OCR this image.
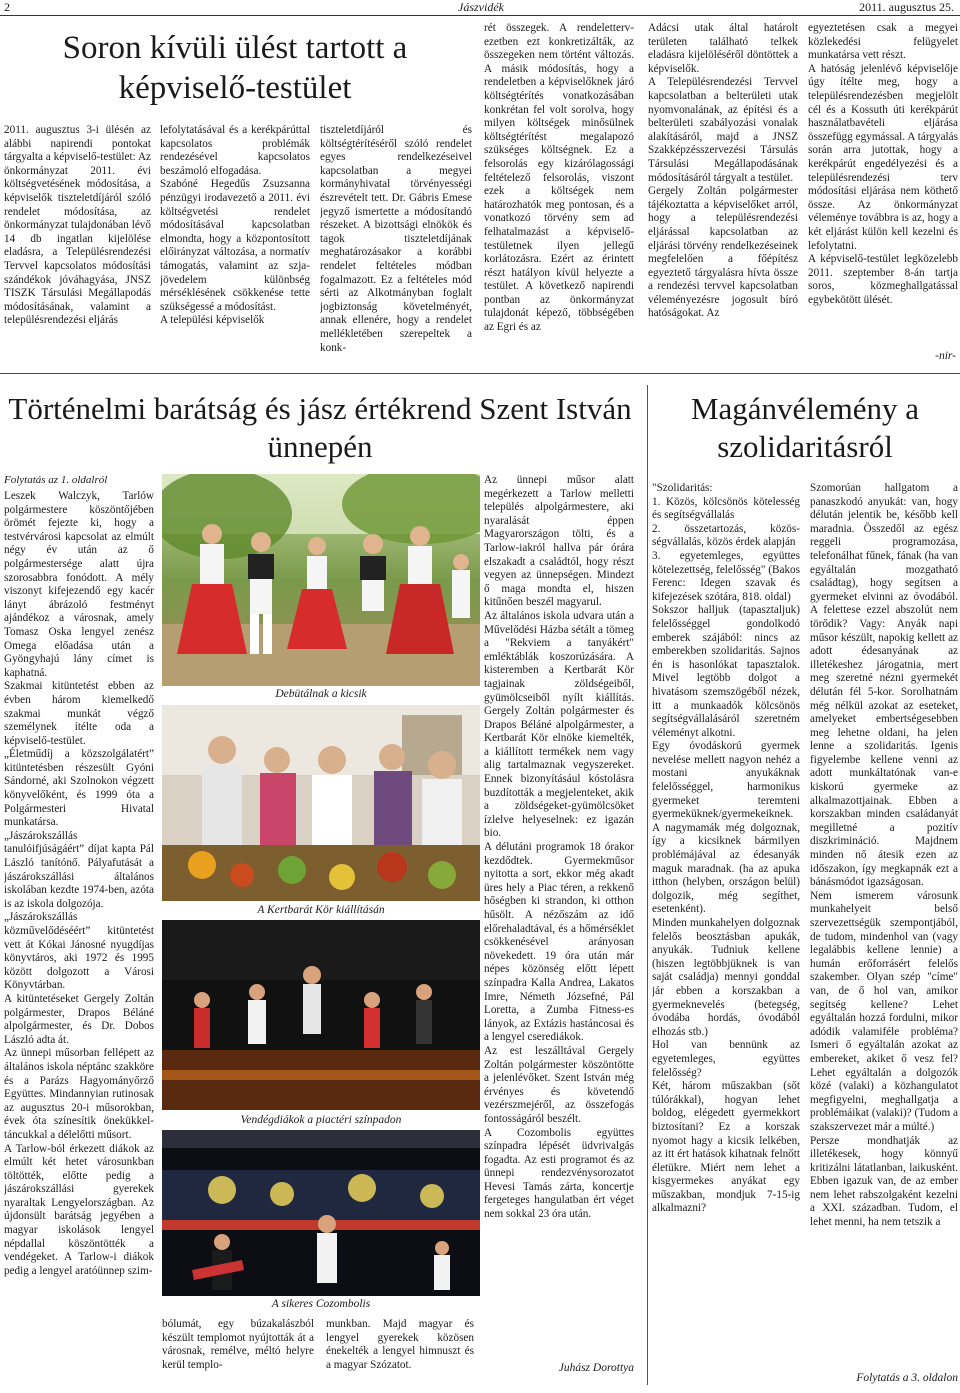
2	Jászvidék	2011. augusztus 25.
Soron kívüli ülést tartott a képviselő-testület
2011. augusztus 3-i ülésén az alábbi napirendi pontokat tárgyalta a képviselő-testület: Az önkormányzat 2011. évi költségvetésének módosítása, a képviselők tiszteletdíjáról szóló rendelet módosítása, az önkormányzat tulajdonában lévő 14 db ingatlan kijelölése eladásra, a Településrendezési Tervvel kapcsolatos módosítási szándékok jóváhagyása, JNSZ TISZK Társulási Megállapodás módosításának, valamint a településrendezési eljárás
lefolytatásával és a kerékpárúttal kapcsolatos problémák rendezésével kapcsolatos beszámoló elfogadása.
Szabóné Hegedűs Zsuzsanna pénzügyi irodavezető a 2011. évi költségvetési rendelet módosításával kapcsolatban elmondta, hogy a központosított előirányzat változása, a normatív támogatás, valamint az szja-jövedelem különbség mérséklésének csökkenése tette szükségessé a módosítást.
A települési képviselők
tiszteletdíjáról és költségtérítéséről szóló rendelet egyes rendelkezéseivel kapcsolatban a megyei kormányhivatal törvényességi észrevételt tett. Dr. Gábris Emese jegyző ismertette a módosítandó részeket. A bizottsági elnökök és tagok tiszteletdíjának meghatározásakor a korábbi rendelet feltételes módban fogalmazott. Ez a feltételes mód sérti az Alkotmányban foglalt jogbiztonság követelményét, annak ellenére, hogy a rendelet mellékletében szerepeltek a konk-
rét összegek. A rendelettervezetben ezt konkretizálták, az összegeken nem történt változás. A másik módosítás, hogy a rendeletben a képviselőknek járó költségtérítés vonatkozásában konkrétan fel volt sorolva, hogy milyen költségek minősülnek költségtérítést megalapozó szükséges költségnek. Ez a felsorolás egy kizárólagossági feltételező felsorolás, viszont ezek a költségek nem határozhatók meg pontosan, és a vonatkozó törvény sem ad felhatalmazást a képviselő-testületnek ilyen jellegű korlátozásra. Ezért az érintett részt hatályon kívül helyezte a testület. A következő napirendi pontban az önkormányzat tulajdonát képező, többségében az Egri és az
Adácsi utak által határolt területen található telkek eladásra kijelöléséről döntöttek a képviselők.
A Településrendezési Tervvel kapcsolatban a belterületi utak nyomvonalának, az építési és a belterületi szabályozási vonalak alakításáról, majd a JNSZ Szakképzésszervezési Társulás Társulási Megállapodásának módosításáról tárgyalt a testület.
Gergely Zoltán polgármester tájékoztatta a képviselőket arról, hogy a településrendezési eljárással kapcsolatban az eljárási törvény rendelkezéseinek megfelelően a főépítész egyeztető tárgyalásra hívta össze a rendezési tervvel kapcsolatban véleményezésre jogosult bíró hatóságokat. Az
egyeztetésen csak a megyei közlekedési felügyelet munkatársa vett részt.
A hatóság jelenlévő képviselője úgy ítélte meg, hogy a településrendezésben megjelölt cél és a Kossuth úti kerékpárút használatbavételi eljárása összefügg egymással. A tárgyalás során arra jutottak, hogy a kerékpárút engedélyezési és a településrendezési terv módosítási eljárása nem köthető össze. Az önkormányzat véleménye továbbra is az, hogy a két eljárást külön kell kezelni és lefolytatni.
A képviselő-testület legközelebb 2011. szeptember 8-án tartja soros, közmeghallgatással egybekötött ülését.
-nir-
Történelmi barátság és jász értékrend Szent István ünnepén
Folytatás az 1. oldalról
Leszek Walczyk, Tarlów polgármestere köszöntőjében örömét fejezte ki, hogy a testvérvárosi kapcsolat az elmúlt négy év után az ő polgármestersége alatt újra szorosabbra fonódott. A mély viszonyt kifejezendő egy kacér lányt ábrázoló festményt ajándékoz a városnak, amely Tomasz Oska lengyel zenész Omega előadása után a Gyöngyhajú lány címet is kaphatná.
Szakmai kitüntetést ebben az évben három kiemelkedő szakmai munkát végző személynek ítélte oda a képviselő-testület.
„Életműdíj a közszolgálatért” kitüntetésben részesült Gyóni Sándorné, aki Szolnokon végzett könyvelőként, és 1999 óta a Polgármesteri Hivatal munkatársa.
„Jászárokszállás tanulóifjúságáért” díjat kapta Pál László tanítónő. Pályafutását a jászárokszállási általános iskolában kezdte 1974-ben, azóta is az iskola dolgozója.
„Jászárokszállás közművelődéséért” kitüntetést vett át Kókai Jánosné nyugdíjas könyvtáros, aki 1972 és 1995 között dolgozott a Városi Könyvtárban.
A kitüntetéseket Gergely Zoltán polgármester, Drapos Béláné alpolgármester, és Dr. Dobos László adta át.
Az ünnepi műsorban fellépett az általános iskola néptánc szakköre és a Parázs Hagyományőrző Együttes. Mindannyian rutinosak az augusztus 20-i műsorokban, évek óta színesítik önekükkeltáncukkal a délelőtti műsort.
A Tarlow-ból érkezett diákok az elmúlt két hetet városunkban töltötték, előtte pedig a jászárokszállási gyerekek nyaraltak Lengyelországban. Az újdonsült barátság jegyében a magyar iskolások lengyel népdallal köszöntötték a vendégeket. A Tarlow-i diákok pedig a lengyel aratóünnep szim-
Debütálnak a kicsik
A Kertbarát Kör kiállításán
Vendégdiákok a piactéri színpadon
A sikeres Cozombolis
bólumát, egy búzakalászból készült templomot nyújtották át a városnak, remélve, méltó helyre kerül templo-
munkban. Majd magyar és lengyel gyerekek közösen énekelték a lengyel himnuszt és a magyar Szózatot.
Az ünnepi műsor alatt megérkezett a Tarlow melletti település alpolgármestere, aki nyaralását éppen Magyarországon tölti, és a Tarlow-iakról hallva pár órára elszakadt a családtól, hogy részt vegyen az ünnepségen. Mindezt ő maga mondta el, hiszen kitűnően beszél magyarul.
Az általános iskola udvara után a Művelődési Házba sétált a tömeg a "Rekviem a tanyákért" emléktáblák koszorúzására. A kisteremben a Kertbarát Kör tagjainak zöldségeiből, gyümölcseiből nyílt kiállítás. Gergely Zoltán polgármester és Drapos Béláné alpolgármester, a Kertbarát Kör elnöke kiemelték, a kiállított termékek nem vagy alig tartalmaznak vegyszereket. Ennek bizonyításául kóstolásra buzdították a megjelenteket, akik a zöldségeket-gyümölcsöket ízlelve helyeselnek: ez igazán bio.
A délutáni programok 18 órakor kezdődtek. Gyermekműsor nyitotta a sort, ekkor még akadt üres hely a Piac téren, a rekkenő hőségben ki strandon, ki otthon hűsölt. A nézőszám az idő előrehaladtával, és a hőmérséklet csökkenésével arányosan növekedett. 19 óra után már népes közönség előtt lépett színpadra Kalla Andrea, Lakatos Imre, Németh Józsefné, Pál Loretta, a Zumba Fitness-es lányok, az Extázis hastáncosai és a lengyel cserediákok.
Az est leszálltával Gergely Zoltán polgármester köszöntötte a jelenlévőket. Szent István még érvényes és követendő vezérszmejéről, az összefogás fontosságáról beszélt.
A Cozombolis együttes színpadra lépését üdvrivalgás fogadta. Az esti programot és az ünnepi rendezvénysorozatot Hevesi Tamás zárta, koncertje fergeteges hangulatban ért véget nem sokkal 23 óra után.
Juhász Dorottya
Magánvélemény a szolidaritásról
"Szolidaritás:
1. Közös, kölcsönös kötelesség és segítségvállalás
2. összetartozás, közösségvállalás, közös érdek alapján
3. egyetemleges, együttes kötelezettség, felelősség" (Bakos Ferenc: Idegen szavak és kifejezések szótára, 818. oldal)
Sokszor halljuk (tapasztaljuk) felelősséggel gondolkodó emberek szájából: nincs az emberekben szolidaritás. Sajnos én is hasonlókat tapasztalok. Mivel legtöbb dolgot a hivatásom szemszögéből nézek, itt a munkaadók kölcsönös segítségvállalásáról szeretném véleményt alkotni.
Egy óvodáskorú gyermek nevelése mellett nagyon nehéz a mostani anyukáknak felelősséggel, harmonikus gyermeket teremteni gyermeküknek/gyermekeiknek. A nagymamák még dolgoznak, így a kicsiknek bármilyen problémájával az édesanyák maguk maradnak. (ha az apuka itthon (helyben, országon belül) dolgozik, még segíthet, esetenként).
Minden munkahelyen dolgoznak felelős beosztásban apukák, anyukák. Tudniuk kellene (hiszen legtöbbjüknek is van saját családja) mennyi gonddal jár ebben a korszakban a gyermeknevelés (betegség, óvodába hordás, óvodából elhozás stb.)
Hol van bennünk az egyetemleges, együttes felelősség?
Két, három műszakban (sőt túlórákkal), hogyan lehet boldog, elégedett gyermekkort biztosítani? Ez a korszak nyomot hagy a kicsik lelkében, az itt ért hatások kihatnak felnőtt életükre. Miért nem lehet a kisgyermekes anyákat egy műszakban, mondjuk 7-15-ig alkalmazni?
Szomorúan hallgatom a panaszkodó anyukát: van, hogy délután jelentik be, később kell maradnia. Összedől az egész reggeli programozása, telefonálhat fűnek, fának (ha van egyáltalán mozgatható családtag), hogy segítsen a gyermeket elvinni az óvodából. A felettese ezzel abszolút nem törődik? Vagy: Anyák napi műsor készült, napokig kellett az adott édesanyának az illetékeshez járogatnia, mert meg szeretné nézni gyermekét délután fél 5-kor. Sorolhatnám még nélkül azokat az eseteket, amelyeket embertségesebben meg lehetne oldani, ha jelen lenne a szolidaritás. Igenis figyelembe kellene venni az adott munkáltatónak van-e kiskorú gyermeke az alkalmazottjainak. Ebben a korszakban minden családanyát megilletné a pozitív diszkrimináció. Majdnem minden nő átesik ezen az időszakon, így megkapnák ezt a bánásmódot igazságosan.
Nem ismerem városunk munkahelyeit belső szervezettségük szempontjából, de tudom, mindenhol van (vagy legalábbis kellene lennie) a humán erőforrásért felelős szakember. Olyan szép "címe" van, de ő hol van, amikor segítség kellene? Lehet egyáltalán hozzá fordulni, mikor adódik valamiféle probléma? Ismeri ő egyáltalán azokat az embereket, akiket ő vesz fel? Lehet egyáltalán a dolgozók közé (valaki) a közhangulatot megfigyelni, meghallgatja a problémáikat (valaki)? (Tudom a szakszervezet már a múlté.)
Persze mondhatják az illetékesek, hogy könnyű kritizálni látatlanban, laikusként. Ebben igazuk van, de az ember nem lehet rabszolgaként kezelni a XXI. században. Tudom, el lehet menni, ha nem tetszik a
Folytatás a 3. oldalon
